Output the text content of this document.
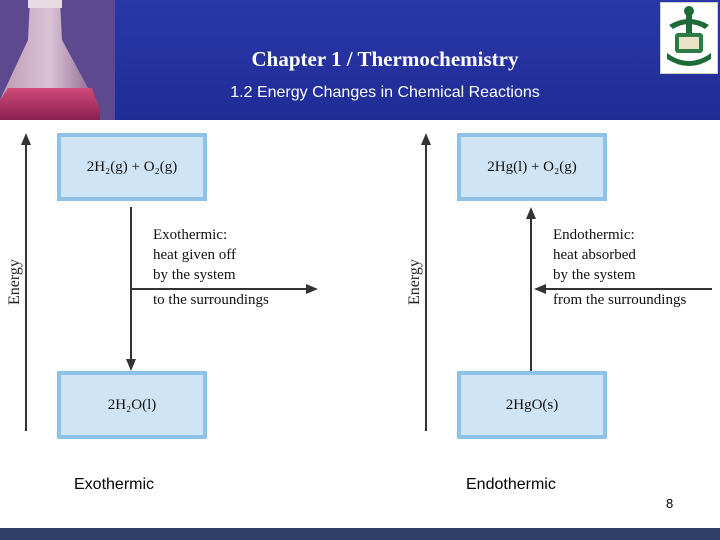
Chapter 1 / Thermochemistry
1.2 Energy Changes in Chemical Reactions
Energy
2H₂(g) + O₂(g)
Exothermic:
heat given off
by the system
to the surroundings
2H₂O(l)
Energy
2Hg(l) + O₂(g)
Endothermic:
heat absorbed
by the system
from the surroundings
2HgO(s)
Exothermic	Endothermic
8
